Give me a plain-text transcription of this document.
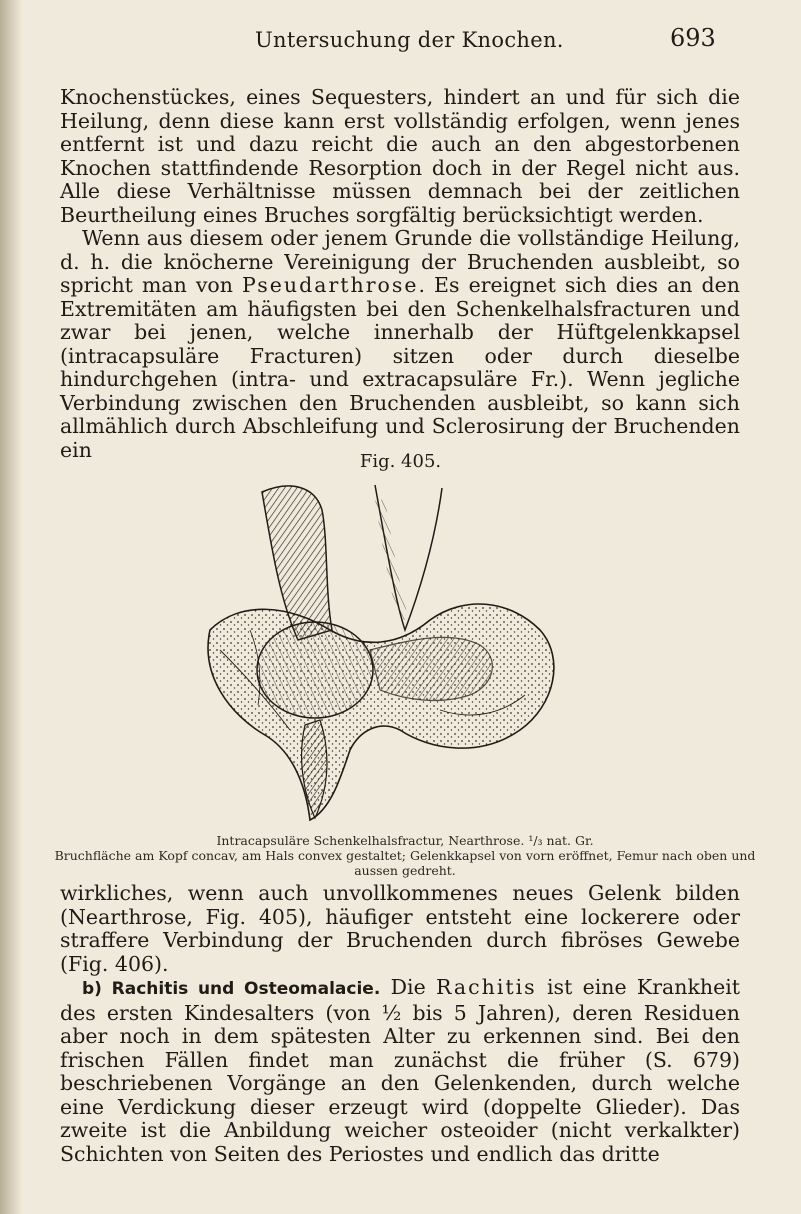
Untersuchung der Knochen.	693

Knochenstückes, eines Sequesters, hindert an und für sich die Heilung, denn diese kann erst vollständig erfolgen, wenn jenes entfernt ist und dazu reicht die auch an den abgestorbenen Knochen stattfindende Resorption doch in der Regel nicht aus. Alle diese Verhältnisse müssen demnach bei der zeitlichen Beurtheilung eines Bruches sorgfältig berücksichtigt werden.

Wenn aus diesem oder jenem Grunde die vollständige Heilung, d. h. die knöcherne Vereinigung der Bruchenden ausbleibt, so spricht man von Pseudarthrose. Es ereignet sich dies an den Extremitäten am häufigsten bei den Schenkelhalsfracturen und zwar bei jenen, welche innerhalb der Hüftgelenkkapsel (intracapsuläre Fracturen) sitzen oder durch dieselbe hindurchgehen (intra- und extracapsuläre Fr.). Wenn jegliche Verbindung zwischen den Bruchenden ausbleibt, so kann sich allmählich durch Abschleifung und Sclerosirung der Bruchenden ein	Fig. 405.
Intracapsuläre Schenkelhalsfractur, Nearthrose. ¹/₃ nat. Gr.
Bruchfläche am Kopf concav, am Hals convex gestaltet; Gelenkkapsel von vorn eröffnet, Femur nach oben und aussen gedreht.

wirkliches, wenn auch unvollkommenes neues Gelenk bilden (Nearthrose, Fig. 405), häufiger entsteht eine lockerere oder straffere Verbindung der Bruchenden durch fibröses Gewebe (Fig. 406).

b) Rachitis und Osteomalacie. Die Rachitis ist eine Krankheit des ersten Kindesalters (von ½ bis 5 Jahren), deren Residuen aber noch in dem spätesten Alter zu erkennen sind. Bei den frischen Fällen findet man zunächst die früher (S. 679) beschriebenen Vorgänge an den Gelenkenden, durch welche eine Verdickung dieser erzeugt wird (doppelte Glieder). Das zweite ist die Anbildung weicher osteoider (nicht verkalkter) Schichten von Seiten des Periostes und endlich das dritte
